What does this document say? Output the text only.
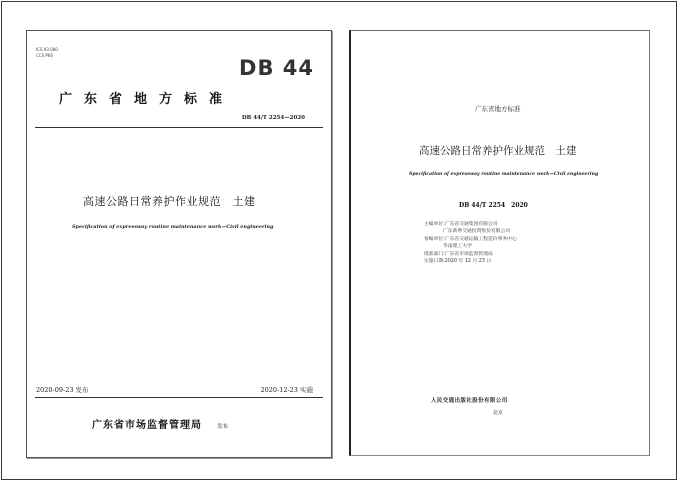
ICS 93.080
CCS P66
DB 44
广东省地方标准
DB 44/T 2254—2020
高速公路日常养护作业规范　土建
Specification of expressway routine maintenance work—Civil engineering
2020-09-23 发布	2020-12-23 实施
广东省市场监督管理局	发布
广东省地方标准
高速公路日常养护作业规范　土建
Specification of expressway routine maintenance work—Civil engineering
DB 44/T 2254　2020
主编单位:广东省交通集团有限公司
广东新粤交通投资股份有限公司
参编单位:广东省交通运输工程造价事务中心
华南理工大学
批准部门:广东省市场监督管理局
实施日期:2020 年 12 月 23 日
人民交通出版社股份有限公司
北京
